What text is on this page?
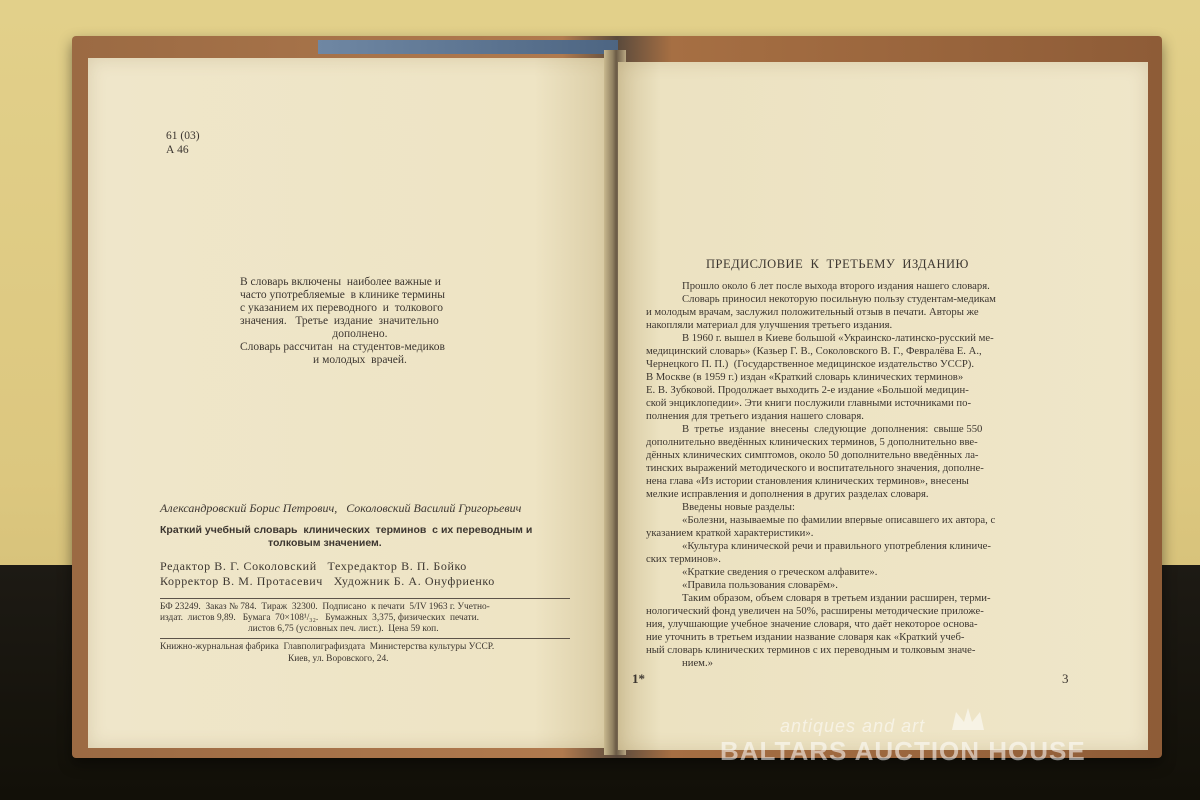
61 (03)
А 46
В словарь включены  наиболее важные и
часто употребляемые  в клинике термины
с указанием их переводного  и  толкового
значения.   Третье  издание  значительно
дополнено.
Словарь рассчитан  на студентов-медиков
и молодых  врачей.
Александровский Борис Петрович,   Соколовский Василий Григорьевич
Краткий учебный словарь  клинических  терминов  с их переводным и
толковым значением.
Редактор В. Г. Соколовский   Техредактор В. П. Бойко
Корректор В. М. Протасевич   Художник Б. А. Онуфриенко
БФ 23249.  Заказ № 784.  Тираж  32300.  Подписано  к печати  5/IV 1963 г. Учетно-
издат.  листов 9,89.   Бумага  70×108¹/₃₂.   Бумажных  3,375, физических  печати.
листов 6,75 (условных печ. лист.).  Цена 59 коп.
Книжно-журнальная фабрика  Главполиграфиздата  Министерства культуры УССР.
Киев, ул. Воровского, 24.
ПРЕДИСЛОВИЕ  К  ТРЕТЬЕМУ  ИЗДАНИЮ
Прошло около 6 лет после выхода второго издания нашего словаря.
Словарь приносил некоторую посильную пользу студентам-медикам
и молодым врачам, заслужил положительный отзыв в печати. Авторы же
накопляли материал для улучшения третьего издания.
В 1960 г. вышел в Киеве большой «Украинско-латинско-русский ме-
медицинский словарь» (Казьер Г. В., Соколовского В. Г., Февралёва Е. А.,
Чернецкого П. П.)  (Государственное медицинское издательство УССР).
В Москве (в 1959 г.) издан «Краткий словарь клинических терминов»
Е. В. Зубковой. Продолжает выходить 2-е издание «Большой медицин-
ской энциклопедии». Эти книги послужили главными источниками по-
полнения для третьего издания нашего словаря.
В  третье  издание  внесены  следующие  дополнения:  свыше 550
дополнительно введённых клинических терминов, 5 дополнительно вве-
дённых клинических симптомов, около 50 дополнительно введённых ла-
тинских выражений методического и воспитательного значения, дополне-
нена глава «Из истории становления клинических терминов», внесены
мелкие исправления и дополнения в других разделах словаря.
Введены новые разделы:
«Болезни, называемые по фамилии впервые описавшего их автора, с
указанием краткой характеристики».
«Культура клинической речи и правильного употребления клиниче-
ских терминов».
«Краткие сведения о греческом алфавите».
«Правила пользования словарём».
Таким образом, объем словаря в третьем издании расширен, терми-
нологический фонд увеличен на 50%, расширены методические приложе-
ния, улучшающие учебное значение словаря, что даёт некоторое основа-
ние уточнить в третьем издании название словаря как «Краткий учеб-
ный словарь клинических терминов с их переводным и толковым значе-
нием.»
1*	3
antiques and art
BALTARS AUCTION HOUSE
